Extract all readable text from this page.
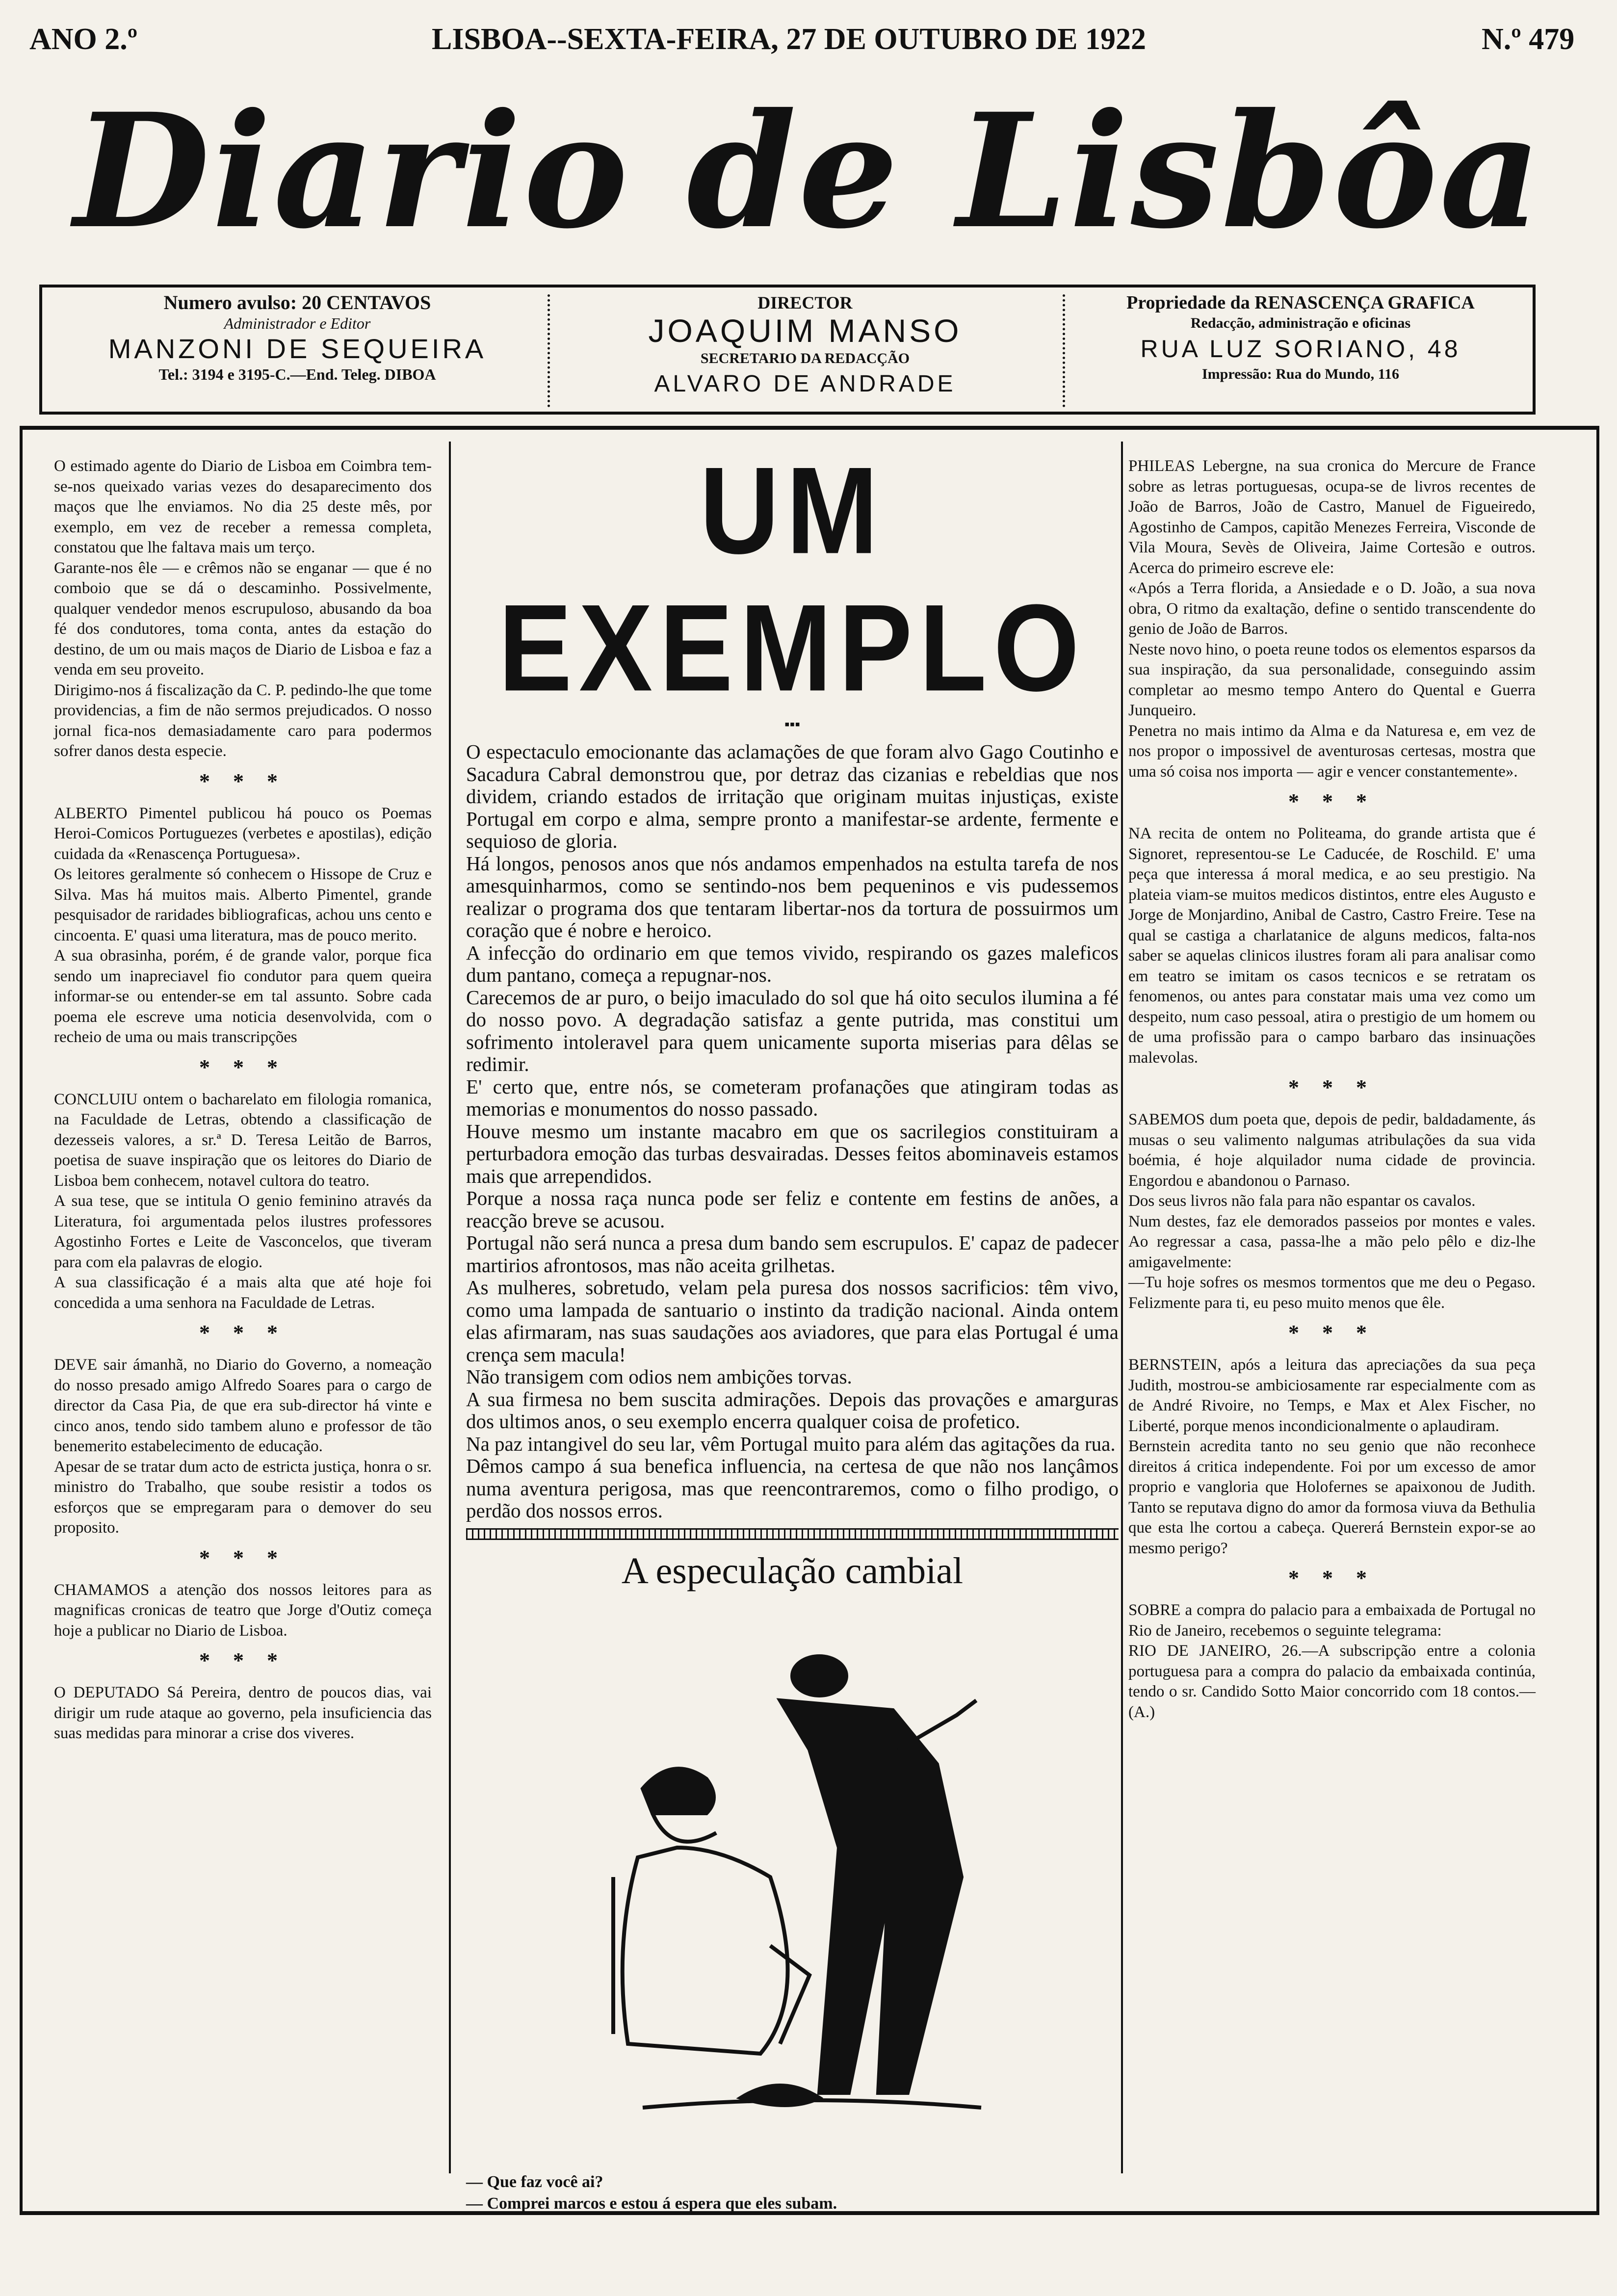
ANO 2.º	LISBOA--SEXTA-FEIRA, 27 DE OUTUBRO DE 1922	N.º 479
Diario de Lisbôa
Numero avulso: 20 CENTAVOS
Administrador e Editor
MANZONI DE SEQUEIRA
Tel.: 3194 e 3195-C.—End. Teleg. DIBOA
DIRECTOR
JOAQUIM MANSO
SECRETARIO DA REDACÇÃO
ALVARO DE ANDRADE
Propriedade da RENASCENÇA GRAFICA
Redacção, administração e oficinas
RUA LUZ SORIANO, 48
Impressão: Rua do Mundo, 116

O estimado agente do Diario de Lisboa em Coimbra tem-se-nos queixado varias vezes do desaparecimento dos maços que lhe enviamos. No dia 25 deste mês, por exemplo, em vez de receber a remessa completa, constatou que lhe faltava mais um terço.
Garante-nos êle — e crêmos não se enganar — que é no comboio que se dá o descaminho. Possivelmente, qualquer vendedor menos escrupuloso, abusando da boa fé dos condutores, toma conta, antes da estação do destino, de um ou mais maços de Diario de Lisboa e faz a venda em seu proveito.
Dirigimo-nos á fiscalização da C. P. pedindo-lhe que tome providencias, a fim de não sermos prejudicados. O nosso jornal fica-nos demasiadamente caro para podermos sofrer danos desta especie.

* * *

ALBERTO Pimentel publicou há pouco os Poemas Heroi-Comicos Portuguezes (verbetes e apostilas), edição cuidada da «Renascença Portuguesa».
Os leitores geralmente só conhecem o Hissope de Cruz e Silva. Mas há muitos mais. Alberto Pimentel, grande pesquisador de raridades bibliograficas, achou uns cento e cincoenta. E' quasi uma literatura, mas de pouco merito.
A sua obrasinha, porém, é de grande valor, porque fica sendo um inapreciavel fio condutor para quem queira informar-se ou entender-se em tal assunto. Sobre cada poema ele escreve uma noticia desenvolvida, com o recheio de uma ou mais transcripções

* * *

CONCLUIU ontem o bacharelato em filologia romanica, na Faculdade de Letras, obtendo a classificação de dezesseis valores, a sr.ª D. Teresa Leitão de Barros, poetisa de suave inspiração que os leitores do Diario de Lisboa bem conhecem, notavel cultora do teatro.
A sua tese, que se intitula O genio feminino através da Literatura, foi argumentada pelos ilustres professores Agostinho Fortes e Leite de Vasconcelos, que tiveram para com ela palavras de elogio.
A sua classificação é a mais alta que até hoje foi concedida a uma senhora na Faculdade de Letras.

* * *

DEVE sair ámanhã, no Diario do Governo, a nomeação do nosso presado amigo Alfredo Soares para o cargo de director da Casa Pia, de que era sub-director há vinte e cinco anos, tendo sido tambem aluno e professor de tão benemerito estabelecimento de educação.
Apesar de se tratar dum acto de estricta justiça, honra o sr. ministro do Trabalho, que soube resistir a todos os esforços que se empregaram para o demover do seu proposito.

* * *

CHAMAMOS a atenção dos nossos leitores para as magnificas cronicas de teatro que Jorge d'Outiz começa hoje a publicar no Diario de Lisboa.

* * *

O DEPUTADO Sá Pereira, dentro de poucos dias, vai dirigir um rude ataque ao governo, pela insuficiencia das suas medidas para minorar a crise dos viveres.

UM EXEMPLO
▪▪▪

O espectaculo emocionante das aclamações de que foram alvo Gago Coutinho e Sacadura Cabral demonstrou que, por detraz das cizanias e rebeldias que nos dividem, criando estados de irritação que originam muitas injustiças, existe Portugal em corpo e alma, sempre pronto a manifestar-se ardente, fermente e sequioso de gloria.
Há longos, penosos anos que nós andamos empenhados na estulta tarefa de nos amesquinharmos, como se sentindo-nos bem pequeninos e vis pudessemos realizar o programa dos que tentaram libertar-nos da tortura de possuirmos um coração que é nobre e heroico.
A infecção do ordinario em que temos vivido, respirando os gazes maleficos dum pantano, começa a repugnar-nos.
Carecemos de ar puro, o beijo imaculado do sol que há oito seculos ilumina a fé do nosso povo. A degradação satisfaz a gente putrida, mas constitui um sofrimento intoleravel para quem unicamente suporta miserias para dêlas se redimir.
E' certo que, entre nós, se cometeram profanações que atingiram todas as memorias e monumentos do nosso passado.
Houve mesmo um instante macabro em que os sacrilegios constituiram a perturbadora emoção das turbas desvairadas. Desses feitos abominaveis estamos mais que arrependidos.
Porque a nossa raça nunca pode ser feliz e contente em festins de anões, a reacção breve se acusou.
Portugal não será nunca a presa dum bando sem escrupulos. E' capaz de padecer martirios afrontosos, mas não aceita grilhetas.
As mulheres, sobretudo, velam pela puresa dos nossos sacrificios: têm vivo, como uma lampada de santuario o instinto da tradição nacional. Ainda ontem elas afirmaram, nas suas saudações aos aviadores, que para elas Portugal é uma crença sem macula!
Não transigem com odios nem ambições torvas.
A sua firmesa no bem suscita admirações. Depois das provações e amarguras dos ultimos anos, o seu exemplo encerra qualquer coisa de profetico.
Na paz intangivel do seu lar, vêm Portugal muito para além das agitações da rua.
Dêmos campo á sua benefica influencia, na certesa de que não nos lançâmos numa aventura perigosa, mas que reencontraremos, como o filho prodigo, o perdão dos nossos erros.

A especulação cambial
— Que faz você ai?
— Comprei marcos e estou á espera que eles subam.

PHILEAS Lebergne, na sua cronica do Mercure de France sobre as letras portuguesas, ocupa-se de livros recentes de João de Barros, João de Castro, Manuel de Figueiredo, Agostinho de Campos, capitão Menezes Ferreira, Visconde de Vila Moura, Sevès de Oliveira, Jaime Cortesão e outros. Acerca do primeiro escreve ele:
«Após a Terra florida, a Ansiedade e o D. João, a sua nova obra, O ritmo da exaltação, define o sentido transcendente do genio de João de Barros.
Neste novo hino, o poeta reune todos os elementos esparsos da sua inspiração, da sua personalidade, conseguindo assim completar ao mesmo tempo Antero do Quental e Guerra Junqueiro.
Penetra no mais intimo da Alma e da Naturesa e, em vez de nos propor o impossivel de aventurosas certesas, mostra que uma só coisa nos importa — agir e vencer constantemente».

* * *

NA recita de ontem no Politeama, do grande artista que é Signoret, representou-se Le Caducée, de Roschild. E' uma peça que interessa á moral medica, e ao seu prestigio. Na plateia viam-se muitos medicos distintos, entre eles Augusto e Jorge de Monjardino, Anibal de Castro, Castro Freire. Tese na qual se castiga a charlatanice de alguns medicos, falta-nos saber se aquelas clinicos ilustres foram ali para analisar como em teatro se imitam os casos tecnicos e se retratam os fenomenos, ou antes para constatar mais uma vez como um despeito, num caso pessoal, atira o prestigio de um homem ou de uma profissão para o campo barbaro das insinuações malevolas.

* * *

SABEMOS dum poeta que, depois de pedir, baldadamente, ás musas o seu valimento nalgumas atribulações da sua vida boémia, é hoje alquilador numa cidade de provincia. Engordou e abandonou o Parnaso.
Dos seus livros não fala para não espantar os cavalos.
Num destes, faz ele demorados passeios por montes e vales. Ao regressar a casa, passa-lhe a mão pelo pêlo e diz-lhe amigavelmente:
—Tu hoje sofres os mesmos tormentos que me deu o Pegaso. Felizmente para ti, eu peso muito menos que êle.

* * *

BERNSTEIN, após a leitura das apreciações da sua peça Judith, mostrou-se ambiciosamente rar especialmente com as de André Rivoire, no Temps, e Max et Alex Fischer, no Liberté, porque menos incondicionalmente o aplaudiram.
Bernstein acredita tanto no seu genio que não reconhece direitos á critica independente. Foi por um excesso de amor proprio e vangloria que Holofernes se apaixonou de Judith. Tanto se reputava digno do amor da formosa viuva da Bethulia que esta lhe cortou a cabeça. Quererá Bernstein expor-se ao mesmo perigo?

* * *

SOBRE a compra do palacio para a embaixada de Portugal no Rio de Janeiro, recebemos o seguinte telegrama:
RIO DE JANEIRO, 26.—A subscripção entre a colonia portuguesa para a compra do palacio da embaixada continúa, tendo o sr. Candido Sotto Maior concorrido com 18 contos.—(A.)
